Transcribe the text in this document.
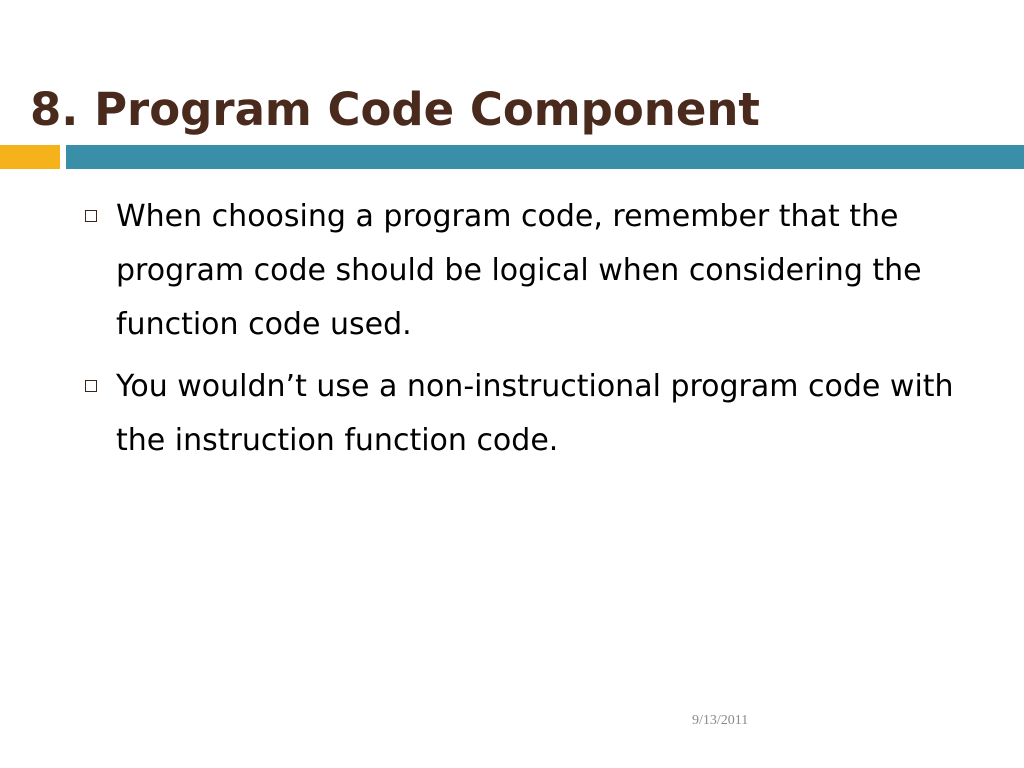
8. Program Code Component
When choosing a program code, remember that the program code should be logical when considering the function code used.
You wouldn’t use a non-instructional program code with the instruction function code.
9/13/2011
